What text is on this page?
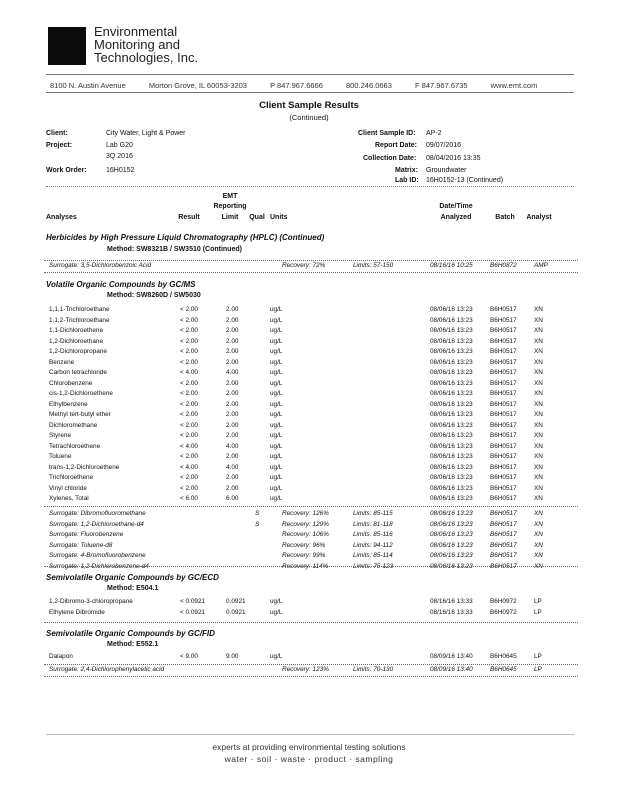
Environmental
Monitoring and
Technologies, Inc.
8100 N. Austin Avenue	Morton Grove, IL 60053-3203	P 847.967.6666	800.246.0663	F 847.967.6735	www.emt.com
Client Sample Results
(Continued)
Client:	City Water, Light & Power
Project:	Lab G20
3Q 2016
Work Order:	16H0152
Client Sample ID: AP-2
Report Date: 09/07/2016
Collection Date: 08/04/2016 13:35
Matrix: Groundwater
Lab ID: 16H0152-13 (Continued)
EMT
Reporting	Date/Time
Analyses	Result	Limit	Qual Units	Analyzed	Batch	Analyst
Herbicides by High Pressure Liquid Chromatography (HPLC) (Continued)
Method: SW8321B / SW3510 (Continued)
Volatile Organic Compounds by GC/MS
Method: SW8260D / SW5030
Semivolatile Organic Compounds by GC/ECD
Method: E504.1
Semivolatile Organic Compounds by GC/FID
Method: E552.1
Surrogate: 3,5-Dichlorobenzoic Acid	Recovery: 72%	Limits: 57-150	08/16/16 10:25	B6H0872	AMP
1,1,1-Trichloroethane	< 2.00	2.00	ug/L	08/06/16 13:23	B6H0517	XN
1,1,2-Trichloroethane	< 2.00	2.00	ug/L	08/06/16 13:23	B6H0517	XN
1,1-Dichloroethene	< 2.00	2.00	ug/L	08/06/16 13:23	B6H0517	XN
1,2-Dichloroethane	< 2.00	2.00	ug/L	08/06/16 13:23	B6H0517	XN
1,2-Dichloropropane	< 2.00	2.00	ug/L	08/06/16 13:23	B6H0517	XN
Benzene	< 2.00	2.00	ug/L	08/06/16 13:23	B6H0517	XN
Carbon tetrachloride	< 4.00	4.00	ug/L	08/06/16 13:23	B6H0517	XN
Chlorobenzene	< 2.00	2.00	ug/L	08/06/16 13:23	B6H0517	XN
cis-1,2-Dichloroethene	< 2.00	2.00	ug/L	08/06/16 13:23	B6H0517	XN
Ethylbenzene	< 2.00	2.00	ug/L	08/06/16 13:23	B6H0517	XN
Methyl tert-butyl ether	< 2.00	2.00	ug/L	08/06/16 13:23	B6H0517	XN
Dichloromethane	< 2.00	2.00	ug/L	08/06/16 13:23	B6H0517	XN
Styrene	< 2.00	2.00	ug/L	08/06/16 13:23	B6H0517	XN
Tetrachloroethene	< 4.00	4.00	ug/L	08/06/16 13:23	B6H0517	XN
Toluene	< 2.00	2.00	ug/L	08/06/16 13:23	B6H0517	XN
trans-1,2-Dichloroethene	< 4.00	4.00	ug/L	08/06/16 13:23	B6H0517	XN
Trichloroethene	< 2.00	2.00	ug/L	08/06/16 13:23	B6H0517	XN
Vinyl chloride	< 2.00	2.00	ug/L	08/06/16 13:23	B6H0517	XN
Xylenes, Total	< 6.00	6.00	ug/L	08/06/16 13:23	B6H0517	XN
Surrogate: Dibromofluoromethane	S	Recovery: 126%	Limits: 85-115	08/06/16 13:23	B6H0517	XN
Surrogate: 1,2-Dichloroethane-d4	S	Recovery: 129%	Limits: 81-118	08/06/16 13:23	B6H0517	XN
Surrogate: Fluorobenzene	Recovery: 106%	Limits: 85-116	08/06/16 13:23	B6H0517	XN
Surrogate: Toluene-d8	Recovery: 96%	Limits: 94-112	08/06/16 13:23	B6H0517	XN
Surrogate: 4-Bromofluorobenzene	Recovery: 99%	Limits: 85-114	08/06/16 13:23	B6H0517	XN
Surrogate: 1,2-Dichlorobenzene-d4	Recovery: 114%	Limits: 75-123	08/06/16 13:23	B6H0517	XN
1,2-Dibromo-3-chloropropane	< 0.0921	0.0921	ug/L	08/16/16 13:33	B6H0972	LP
Ethylene Dibromide	< 0.0921	0.0921	ug/L	08/16/16 13:33	B6H0972	LP
Dalapon	< 9.00	9.00	ug/L	08/09/16 13:40	B6H0645	LP
Surrogate: 2,4-Dichlorophenylacetic acid	Recovery: 123%	Limits: 70-130	08/09/16 13:40	B6H0645	LP
experts at providing environmental testing solutions
water · soil · waste · product · sampling
